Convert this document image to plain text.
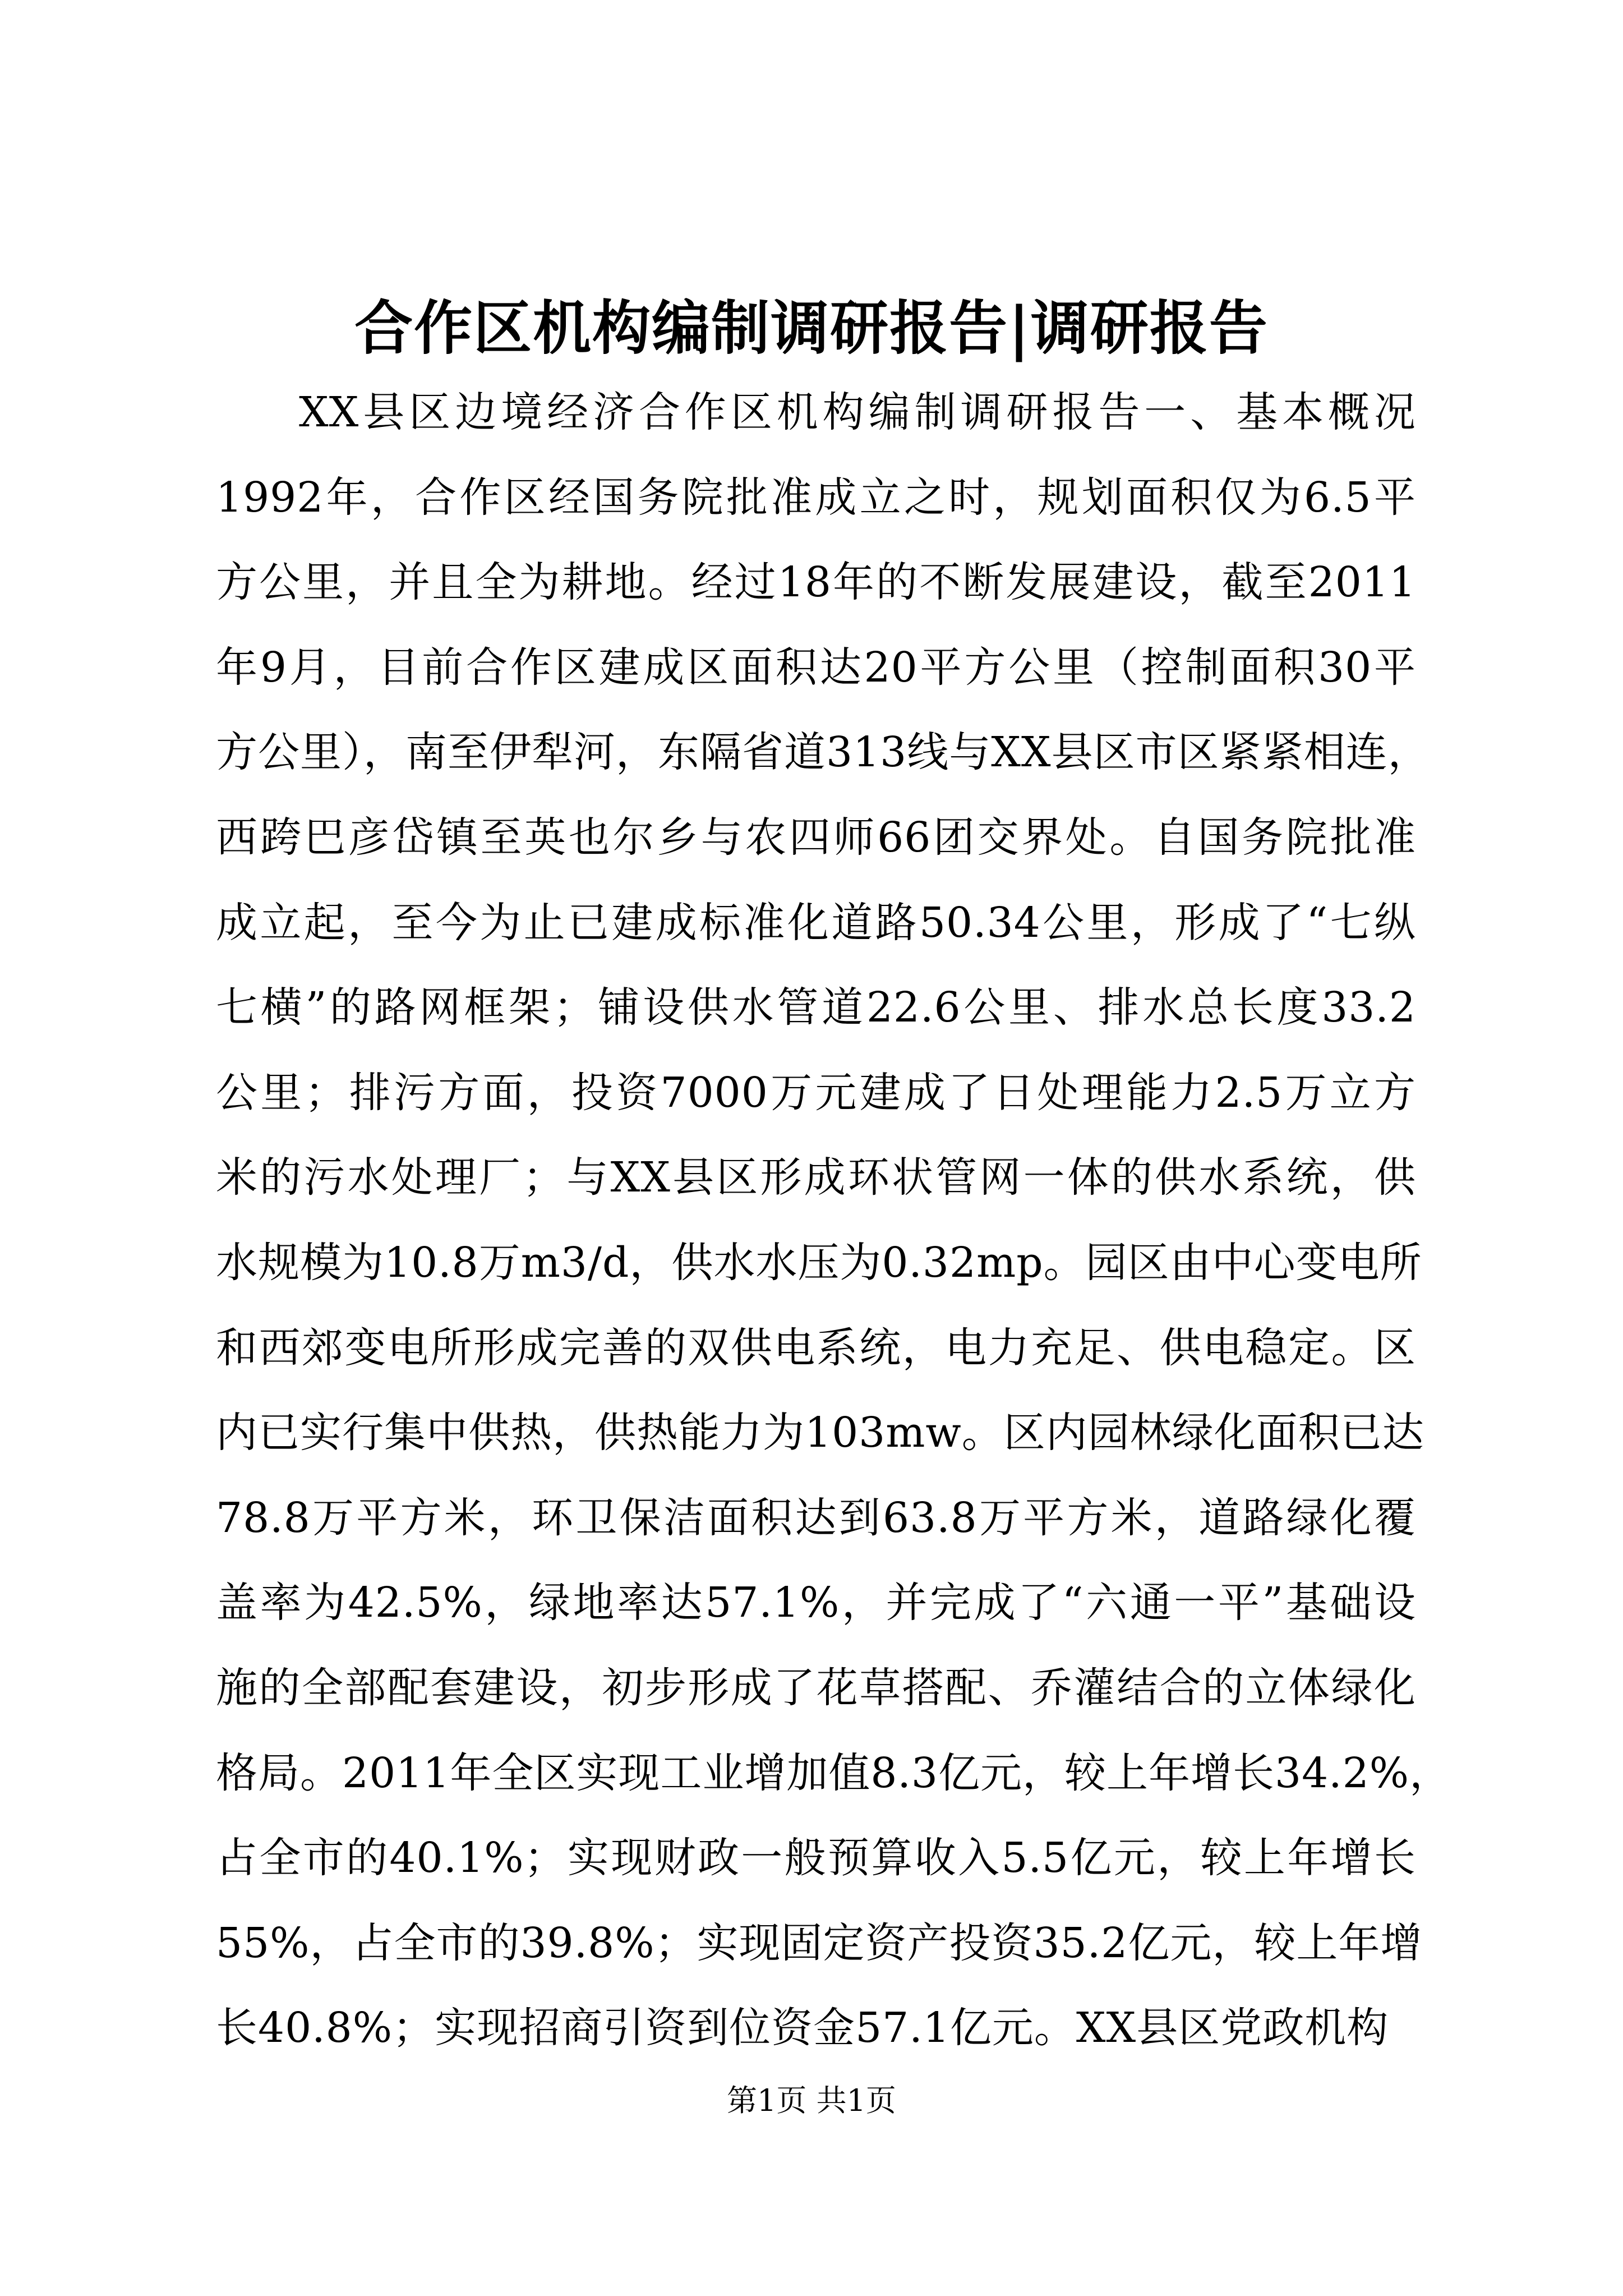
合作区机构编制调研报告|调研报告
XX县区边境经济合作区机构编制调研报告一、基本概况
1992年，合作区经国务院批准成立之时，规划面积仅为6.5平
方公里，并且全为耕地。经过18年的不断发展建设，截至2011
年9月，目前合作区建成区面积达20平方公里（控制面积30平
方公里），南至伊犁河，东隔省道313线与XX县区市区紧紧相连，
西跨巴彦岱镇至英也尔乡与农四师66团交界处。自国务院批准
成立起，至今为止已建成标准化道路50.34公里，形成了“七纵
七横”的路网框架；铺设供水管道22.6公里、排水总长度33.2
公里；排污方面，投资7000万元建成了日处理能力2.5万立方
米的污水处理厂；与XX县区形成环状管网一体的供水系统，供
水规模为10.8万m3/d，供水水压为0.32mp。园区由中心变电所
和西郊变电所形成完善的双供电系统，电力充足、供电稳定。区
内已实行集中供热，供热能力为103mw。区内园林绿化面积已达
78.8万平方米，环卫保洁面积达到63.8万平方米，道路绿化覆
盖率为42.5%，绿地率达57.1%，并完成了“六通一平”基础设
施的全部配套建设，初步形成了花草搭配、乔灌结合的立体绿化
格局。2011年全区实现工业增加值8.3亿元，较上年增长34.2%，
占全市的40.1%；实现财政一般预算收入5.5亿元，较上年增长
55%，占全市的39.8%；实现固定资产投资35.2亿元，较上年增
长40.8%；实现招商引资到位资金57.1亿元。XX县区党政机构
第1页 共1页
